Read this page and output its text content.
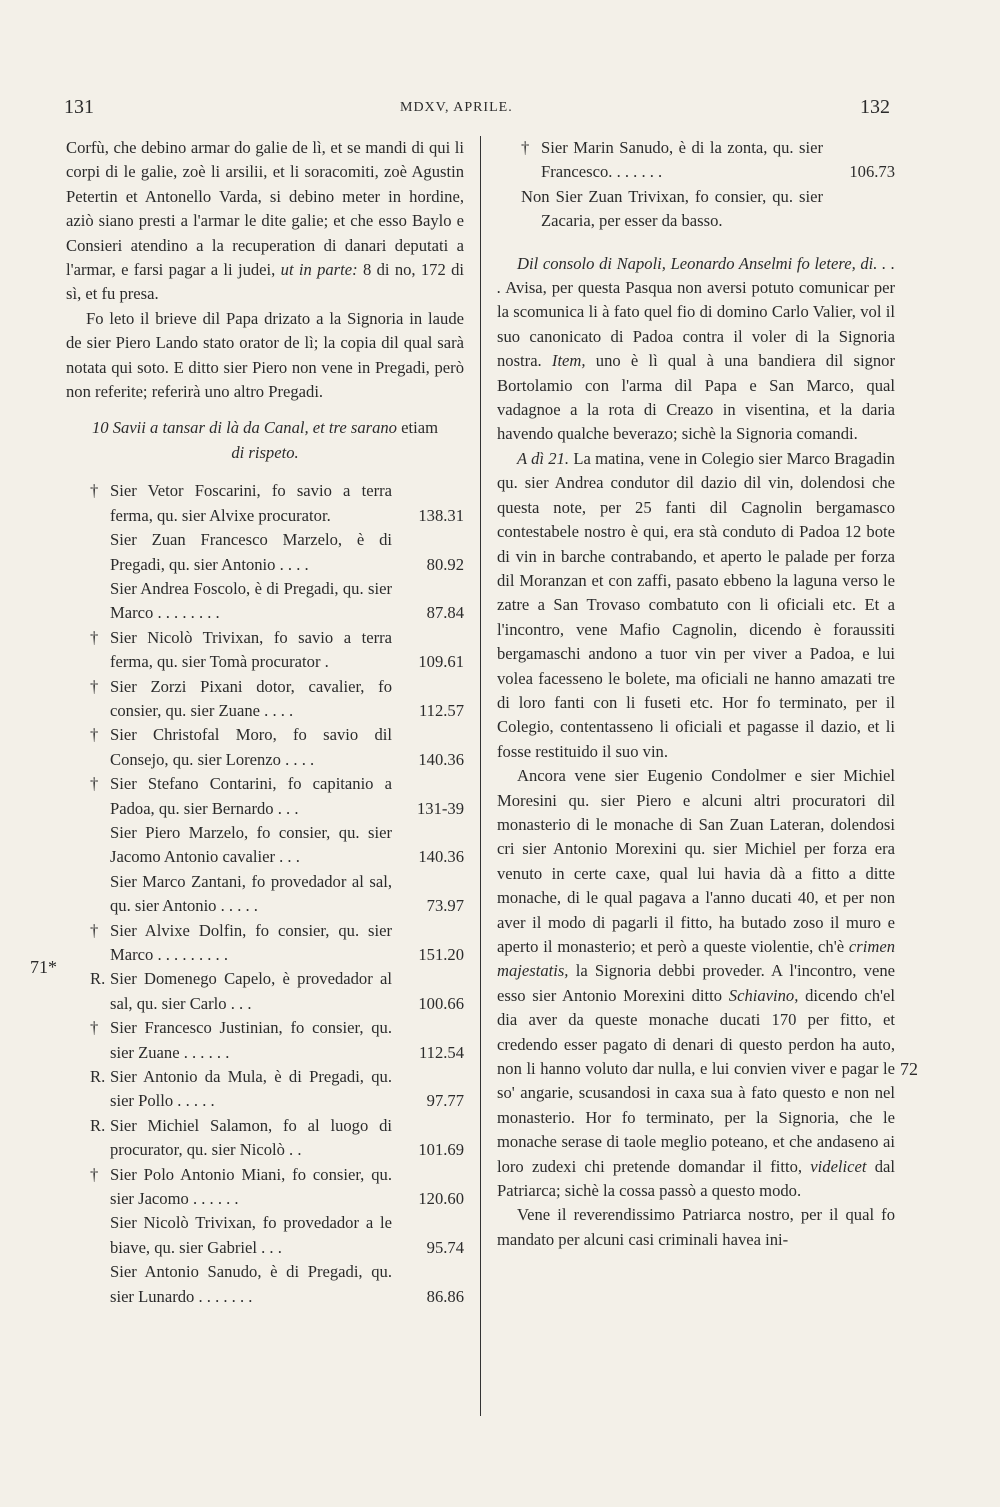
131	MDXV, APRILE.	132
71*
72

Corfù, che debino armar do galie de lì, et se mandi di qui li corpi di le galie, zoè li arsilii, et li soracomiti, zoè Agustin Petertin et Antonello Varda, si debino meter in hordine, aziò siano presti a l'armar le dite galie; et che esso Baylo e Consieri atendino a la recuperation di danari deputati a l'armar, e farsi pagar a li judei, ut in parte: 8 di no, 172 di sì, et fu presa.

Fo leto il brieve dil Papa drizato a la Signoria in laude de sier Piero Lando stato orator de lì; la copia dil qual sarà notata qui soto. E ditto sier Piero non vene in Pregadi, però non referite; referirà uno altro Pregadi.

10 Savii a tansar di là da Canal, et tre sarano etiam di rispeto.
† Sier Vetor Foscarini, fo savio a terra ferma, qu. sier Alvixe procurator.	138.31
Sier Zuan Francesco Marzelo, è di Pregadi, qu. sier Antonio . . . .	80.92
Sier Andrea Foscolo, è di Pregadi, qu. sier Marco . . . . . . . .	87.84
† Sier Nicolò Trivixan, fo savio a terra ferma, qu. sier Tomà procurator .	109.61
† Sier Zorzi Pixani dotor, cavalier, fo consier, qu. sier Zuane . . . .	112.57
† Sier Christofal Moro, fo savio dil Consejo, qu. sier Lorenzo . . . .	140.36
† Sier Stefano Contarini, fo capitanio a Padoa, qu. sier Bernardo . . .	131-39
Sier Piero Marzelo, fo consier, qu. sier Jacomo Antonio cavalier . . .	140.36
Sier Marco Zantani, fo provedador al sal, qu. sier Antonio . . . . .	73.97
† Sier Alvixe Dolfin, fo consier, qu. sier Marco . . . . . . . . .	151.20
R. Sier Domenego Capelo, è provedador al sal, qu. sier Carlo . . .	100.66
† Sier Francesco Justinian, fo consier, qu. sier Zuane . . . . . .	112.54
R. Sier Antonio da Mula, è di Pregadi, qu. sier Pollo . . . . .	97.77
R. Sier Michiel Salamon, fo al luogo di procurator, qu. sier Nicolò . .	101.69
† Sier Polo Antonio Miani, fo consier, qu. sier Jacomo . . . . . .	120.60
Sier Nicolò Trivixan, fo provedador a le biave, qu. sier Gabriel . . .	95.74
Sier Antonio Sanudo, è di Pregadi, qu. sier Lunardo . . . . . . .	86.86
† Sier Marin Sanudo, è di la zonta, qu. sier Francesco. . . . . . .	106.73
Non Sier Zuan Trivixan, fo consier, qu. sier Zacaria, per esser da basso.

Dil consolo di Napoli, Leonardo Anselmi fo letere, di. . . . Avisa, per questa Pasqua non aversi potuto comunicar per la scomunica li à fato quel fio di domino Carlo Valier, vol il suo canonicato di Padoa contra il voler di la Signoria nostra. Item, uno è lì qual à una bandiera dil signor Bortolamio con l'arma dil Papa e San Marco, qual vadagnoe a la rota di Creazo in visentina, et la daria havendo qualche beverazo; sichè la Signoria comandi.

A dì 21. La matina, vene in Colegio sier Marco Bragadin qu. sier Andrea condutor dil dazio dil vin, dolendosi che questa note, per 25 fanti dil Cagnolin bergamasco contestabele nostro è qui, era stà conduto di Padoa 12 bote di vin in barche contrabando, et aperto le palade per forza dil Moranzan et con zaffi, pasato ebbeno la laguna verso le zatre a San Trovaso combatuto con li oficiali etc. Et a l'incontro, vene Mafio Cagnolin, dicendo è foraussiti bergamaschi andono a tuor vin per viver a Padoa, e lui volea facesseno le bolete, ma oficiali ne hanno amazati tre di loro fanti con li fuseti etc. Hor fo terminato, per il Colegio, contentasseno li oficiali et pagasse il dazio, et li fosse restituido il suo vin.

Ancora vene sier Eugenio Condolmer e sier Michiel Moresini qu. sier Piero e alcuni altri procuratori dil monasterio di le monache di San Zuan Lateran, dolendosi cri sier Antonio Morexini qu. sier Michiel per forza era venuto in certe caxe, qual lui havia dà a fitto a ditte monache, di le qual pagava a l'anno ducati 40, et per non aver il modo di pagarli il fitto, ha butado zoso il muro e aperto il monasterio; et però a queste violentie, ch'è crimen majestatis, la Signoria debbi proveder. A l'incontro, vene esso sier Antonio Morexini ditto Schiavino, dicendo ch'el dia aver da queste monache ducati 170 per fitto, et credendo esser pagato di denari di questo perdon ha auto, non li hanno voluto dar nulla, e lui convien viver e pagar le so' angarie, scusandosi in caxa sua à fato questo e non nel monasterio. Hor fo terminato, per la Signoria, che le monache serase di taole meglio poteano, et che andaseno ai loro zudexi chi pretende domandar il fitto, videlicet dal Patriarca; sichè la cossa passò a questo modo.

Vene il reverendissimo Patriarca nostro, per il qual fo mandato per alcuni casi criminali havea ini-
